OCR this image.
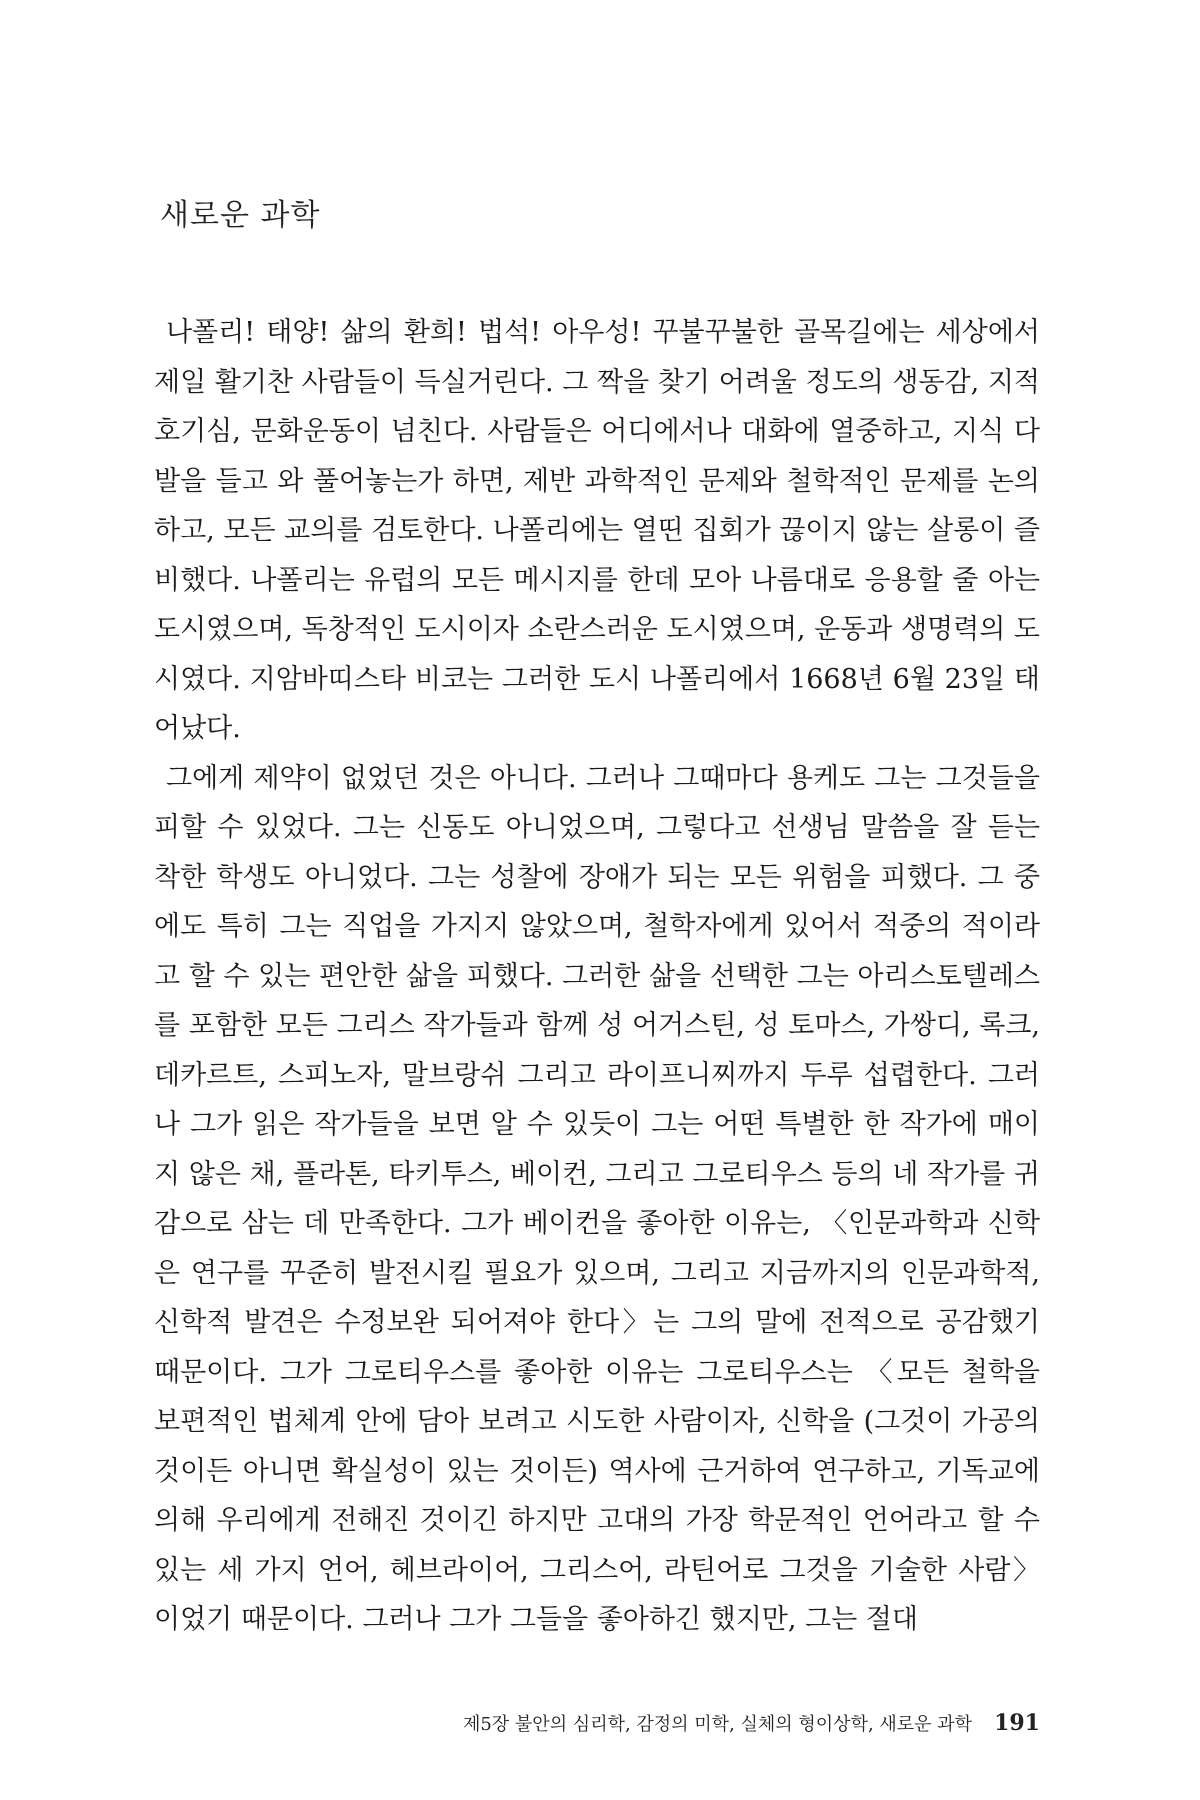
새로운 과학

나폴리! 태양! 삶의 환희! 법석! 아우성! 꾸불꾸불한 골목길에는 세상에서 제일 활기찬 사람들이 득실거린다. 그 짝을 찾기 어려울 정도의 생동감, 지적 호기심, 문화운동이 넘친다. 사람들은 어디에서나 대화에 열중하고, 지식 다발을 들고 와 풀어놓는가 하면, 제반 과학적인 문제와 철학적인 문제를 논의하고, 모든 교의를 검토한다. 나폴리에는 열띤 집회가 끊이지 않는 살롱이 즐비했다. 나폴리는 유럽의 모든 메시지를 한데 모아 나름대로 응용할 줄 아는 도시였으며, 독창적인 도시이자 소란스러운 도시였으며, 운동과 생명력의 도시였다. 지암바띠스타 비코는 그러한 도시 나폴리에서 1668년 6월 23일 태어났다.

그에게 제약이 없었던 것은 아니다. 그러나 그때마다 용케도 그는 그것들을 피할 수 있었다. 그는 신동도 아니었으며, 그렇다고 선생님 말씀을 잘 듣는 착한 학생도 아니었다. 그는 성찰에 장애가 되는 모든 위험을 피했다. 그 중에도 특히 그는 직업을 가지지 않았으며, 철학자에게 있어서 적중의 적이라고 할 수 있는 편안한 삶을 피했다. 그러한 삶을 선택한 그는 아리스토텔레스를 포함한 모든 그리스 작가들과 함께 성 어거스틴, 성 토마스, 가쌍디, 록크, 데카르트, 스피노자, 말브랑쉬 그리고 라이프니찌까지 두루 섭렵한다. 그러나 그가 읽은 작가들을 보면 알 수 있듯이 그는 어떤 특별한 한 작가에 매이지 않은 채, 플라톤, 타키투스, 베이컨, 그리고 그로티우스 등의 네 작가를 귀감으로 삼는 데 만족한다. 그가 베이컨을 좋아한 이유는, 〈인문과학과 신학은 연구를 꾸준히 발전시킬 필요가 있으며, 그리고 지금까지의 인문과학적, 신학적 발견은 수정보완 되어져야 한다〉는 그의 말에 전적으로 공감했기 때문이다. 그가 그로티우스를 좋아한 이유는 그로티우스는 〈모든 철학을 보편적인 법체계 안에 담아 보려고 시도한 사람이자, 신학을 (그것이 가공의 것이든 아니면 확실성이 있는 것이든) 역사에 근거하여 연구하고, 기독교에 의해 우리에게 전해진 것이긴 하지만 고대의 가장 학문적인 언어라고 할 수 있는 세 가지 언어, 헤브라이어, 그리스어, 라틴어로 그것을 기술한 사람〉이었기 때문이다. 그러나 그가 그들을 좋아하긴 했지만, 그는 절대

제5장 불안의 심리학, 감정의 미학, 실체의 형이상학, 새로운 과학 191
